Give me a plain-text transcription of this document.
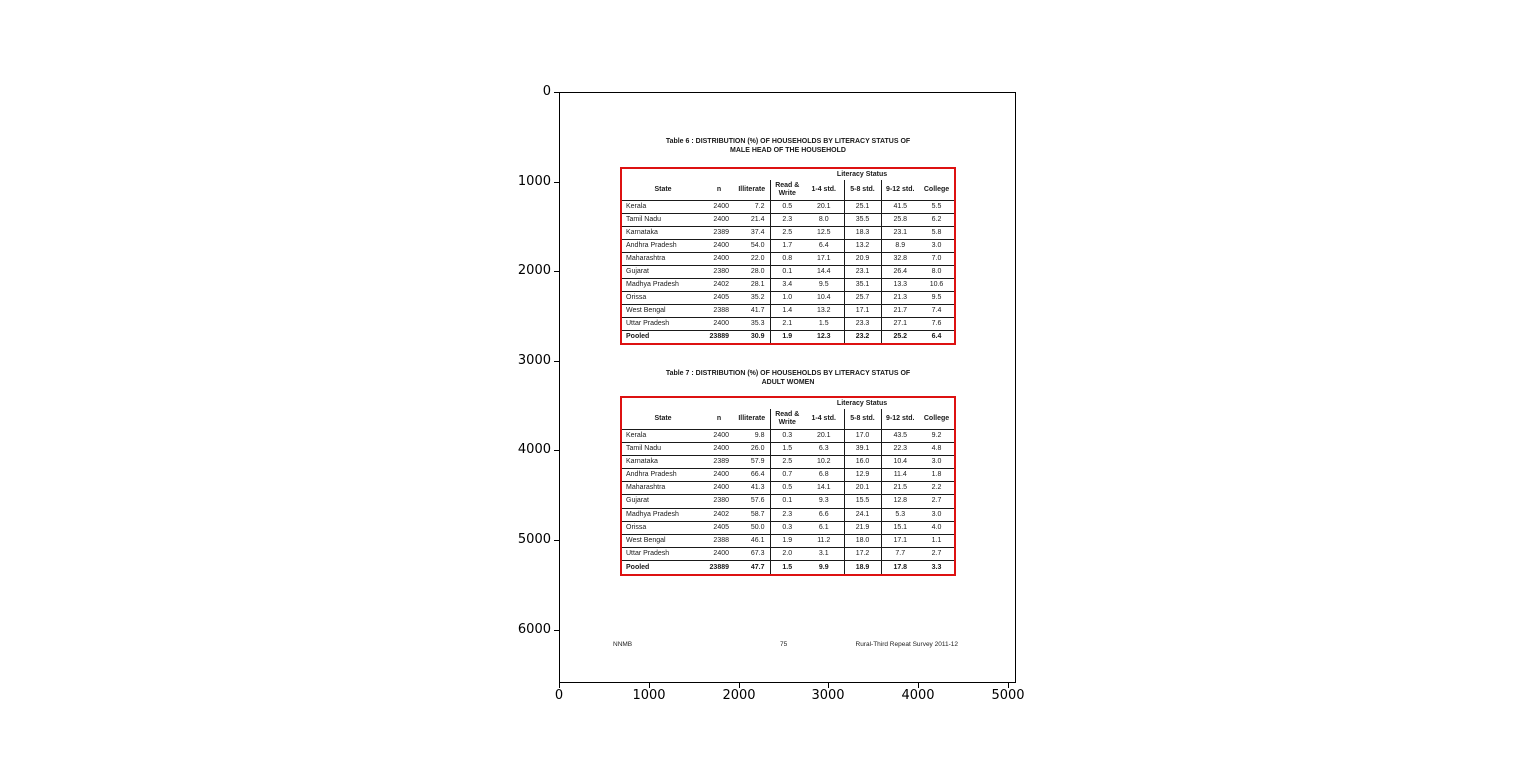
0
1000
2000
3000
4000
5000
6000
0	1000	2000	3000	4000	5000
Table 6 : DISTRIBUTION (%) OF HOUSEHOLDS BY LITERACY STATUS OF
MALE HEAD OF THE HOUSEHOLD
			Literacy Status				
State	n	Illiterate	Read & Write	1-4 std.	5-8 std.	9-12 std.	College
Kerala	2400	7.2	0.5	20.1	25.1	41.5	5.5
Tamil Nadu	2400	21.4	2.3	8.0	35.5	25.8	6.2
Karnataka	2389	37.4	2.5	12.5	18.3	23.1	5.8
Andhra Pradesh	2400	54.0	1.7	6.4	13.2	8.9	3.0
Maharashtra	2400	22.0	0.8	17.1	20.9	32.8	7.0
Gujarat	2380	28.0	0.1	14.4	23.1	26.4	8.0
Madhya Pradesh	2402	28.1	3.4	9.5	35.1	13.3	10.6
Orissa	2405	35.2	1.0	10.4	25.7	21.3	9.5
West Bengal	2388	41.7	1.4	13.2	17.1	21.7	7.4
Uttar Pradesh	2400	35.3	2.1	1.5	23.3	27.1	7.6
Pooled	23889	30.9	1.9	12.3	23.2	25.2	6.4
Table 7 : DISTRIBUTION (%) OF HOUSEHOLDS BY LITERACY STATUS OF
ADULT WOMEN
			Literacy Status				
State	n	Illiterate	Read & Write	1-4 std.	5-8 std.	9-12 std.	College
Kerala	2400	9.8	0.3	20.1	17.0	43.5	9.2
Tamil Nadu	2400	26.0	1.5	6.3	39.1	22.3	4.8
Karnataka	2389	57.9	2.5	10.2	16.0	10.4	3.0
Andhra Pradesh	2400	66.4	0.7	6.8	12.9	11.4	1.8
Maharashtra	2400	41.3	0.5	14.1	20.1	21.5	2.2
Gujarat	2380	57.6	0.1	9.3	15.5	12.8	2.7
Madhya Pradesh	2402	58.7	2.3	6.6	24.1	5.3	3.0
Orissa	2405	50.0	0.3	6.1	21.9	15.1	4.0
West Bengal	2388	46.1	1.9	11.2	18.0	17.1	1.1
Uttar Pradesh	2400	67.3	2.0	3.1	17.2	7.7	2.7
Pooled	23889	47.7	1.5	9.9	18.9	17.8	3.3
NNMB	75	Rural-Third Repeat Survey 2011-12
